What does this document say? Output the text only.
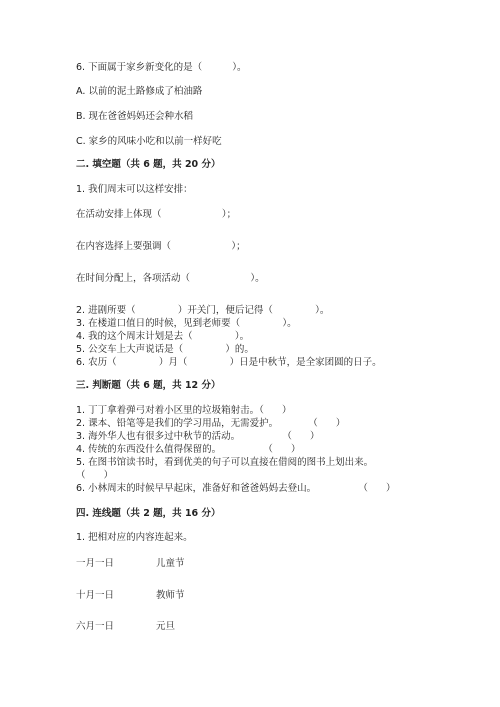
6. 下面属于家乡新变化的是（          ）。
A. 以前的泥土路修成了柏油路
B. 现在爸爸妈妈还会种水稻
C. 家乡的风味小吃和以前一样好吃
二. 填空题（共 6 题，共 20 分）
1. 我们周末可以这样安排：
在活动安排上体现（                    ）；
在内容选择上要强调（                    ）；
在时间分配上，各项活动（                    ）。
2. 进剧所要（              ）开关门，便后记得（              ）。
3. 在楼道口值日的时候，见到老师要（              ）。
4. 我的这个周末计划是去（              ）。
5. 公交车上大声说话是（              ）的。
6. 农历（              ）月（              ）日是中秋节，是全家团圆的日子。
三. 判断题（共 6 题，共 12 分）
1. 丁丁拿着弹弓对着小区里的垃圾箱射击。（      ）
2. 课本、铅笔等是我们的学习用品，无需爱护。          （      ）
3. 海外华人也有很多过中秋节的活动。              （      ）
4. 传统的东西没什么值得保留的。              （      ）
5. 在图书馆读书时，看到优美的句子可以直接在借阅的图书上划出来。
（      ）
6. 小林周末的时候早早起床，准备好和爸爸妈妈去登山。              （      ）
四. 连线题（共 2 题，共 16 分）
1. 把相对应的内容连起来。
一月一日	儿童节
十月一日	教师节
六月一日	元旦
